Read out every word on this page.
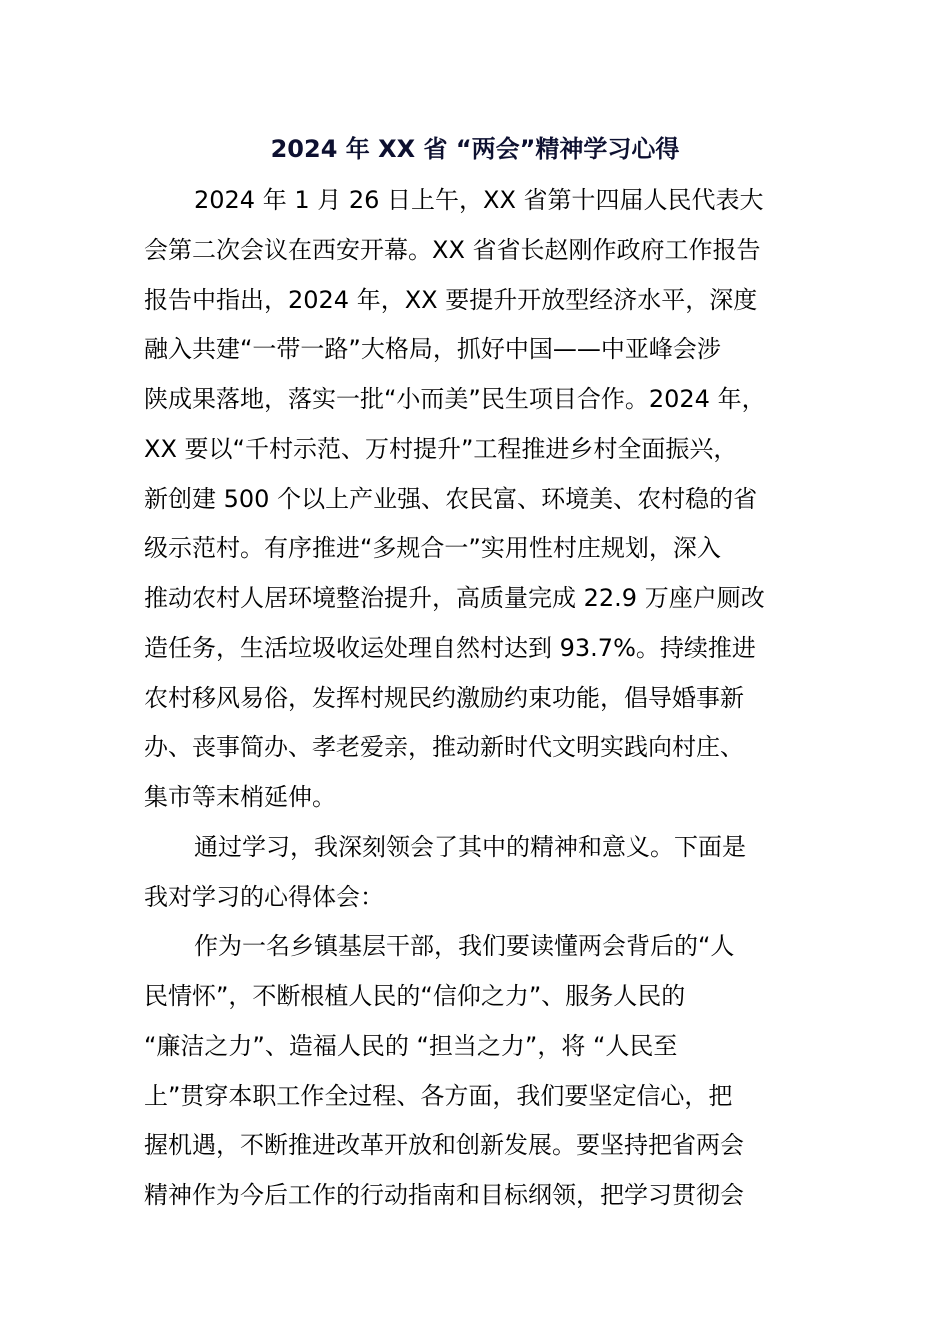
2024 年 XX 省 “两会”精神学习心得
2024 年 1 月 26 日上午，XX 省第十四届人民代表大
会第二次会议在西安开幕。XX 省省长赵刚作政府工作报告
报告中指出，2024 年，XX 要提升开放型经济水平，深度
融入共建“一带一路”大格局，抓好中国——中亚峰会涉
陕成果落地，落实一批“小而美”民生项目合作。2024 年，
XX 要以“千村示范、万村提升”工程推进乡村全面振兴，
新创建 500 个以上产业强、农民富、环境美、农村稳的省
级示范村。有序推进“多规合一”实用性村庄规划，深入
推动农村人居环境整治提升，高质量完成 22.9 万座户厕改
造任务，生活垃圾收运处理自然村达到 93.7%。持续推进
农村移风易俗，发挥村规民约激励约束功能，倡导婚事新
办、丧事简办、孝老爱亲，推动新时代文明实践向村庄、
集市等末梢延伸。
通过学习，我深刻领会了其中的精神和意义。下面是
我对学习的心得体会：
作为一名乡镇基层干部，我们要读懂两会背后的“人
民情怀”，不断根植人民的“信仰之力”、服务人民的
“廉洁之力”、造福人民的 “担当之力”，将 “人民至
上”贯穿本职工作全过程、各方面，我们要坚定信心，把
握机遇，不断推进改革开放和创新发展。要坚持把省两会
精神作为今后工作的行动指南和目标纲领，把学习贯彻会
